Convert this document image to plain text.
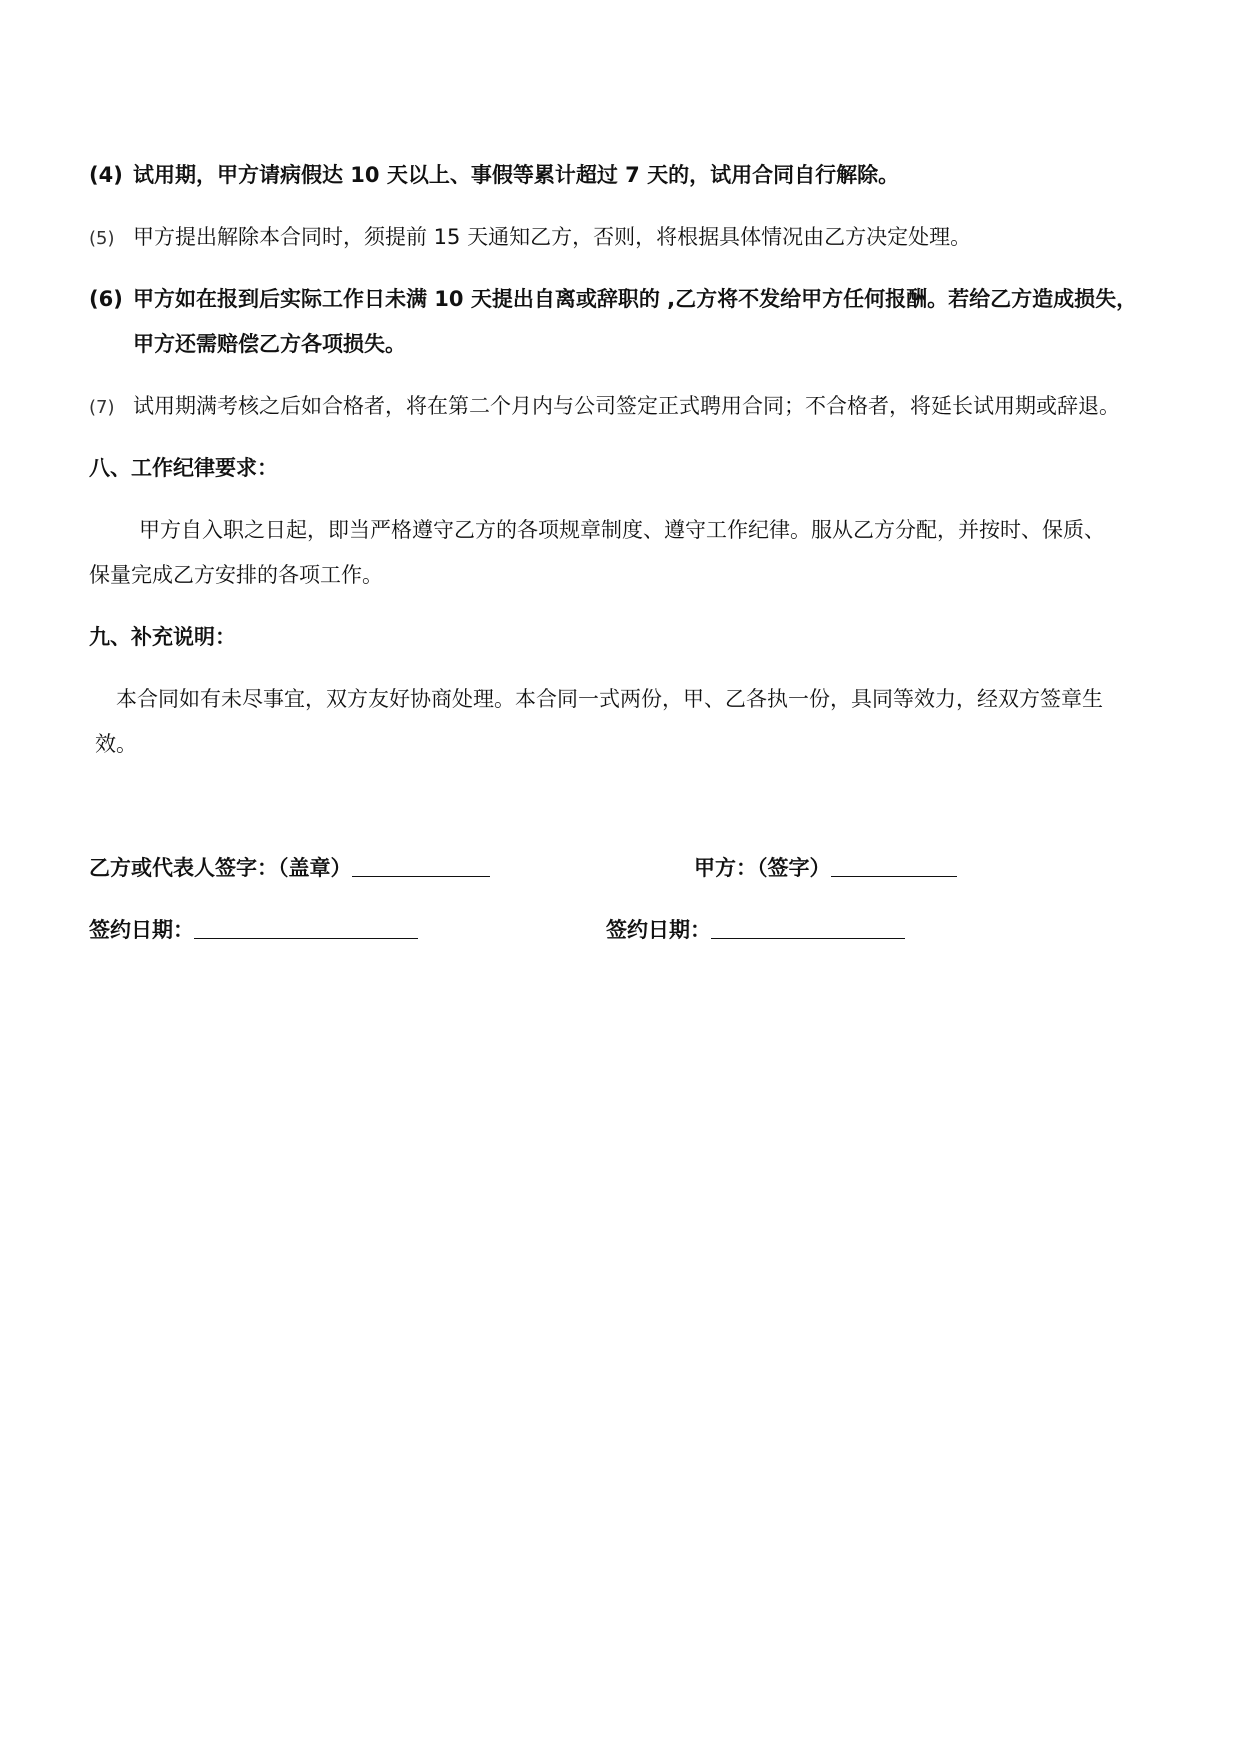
(4) 试用期，甲方请病假达 10 天以上、事假等累计超过 7 天的，试用合同自行解除。
(5) 甲方提出解除本合同时，须提前 15 天通知乙方，否则，将根据具体情况由乙方决定处理。
(6) 甲方如在报到后实际工作日未满 10 天提出自离或辞职的 ,乙方将不发给甲方任何报酬。若给乙方造成损失，
甲方还需赔偿乙方各项损失。
(7) 试用期满考核之后如合格者，将在第二个月内与公司签定正式聘用合同；不合格者，将延长试用期或辞退。
八、工作纪律要求：
甲方自入职之日起，即当严格遵守乙方的各项规章制度、遵守工作纪律。服从乙方分配，并按时、保质、
保量完成乙方安排的各项工作。
九、补充说明：
本合同如有未尽事宜，双方友好协商处理。本合同一式两份，甲、乙各执一份，具同等效力，经双方签章生
效。
乙方或代表人签字：（盖章）	甲方：（签字）
签约日期：	签约日期：
